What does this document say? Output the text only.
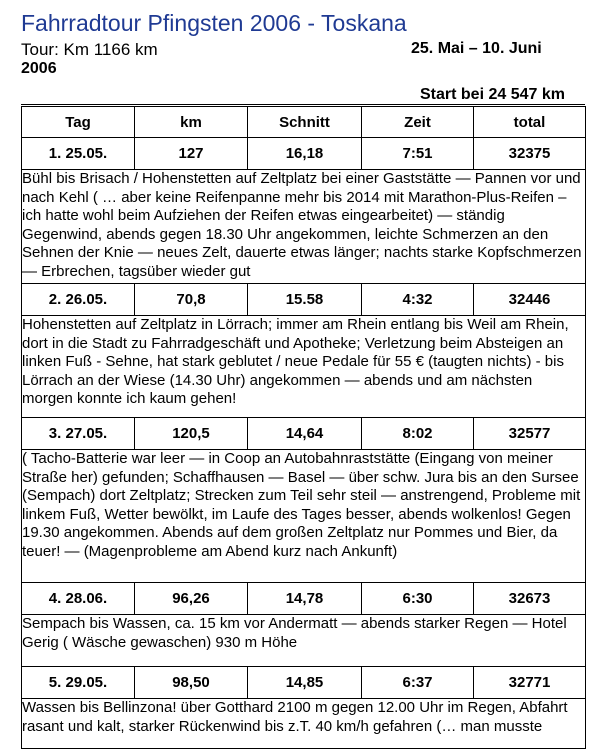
Fahrradtour Pfingsten 2006 - Toskana
Tour: Km 1166 km	25. Mai – 10. Juni
2006
Start bei 24 547 km
Tag	km	Schnitt	Zeit	total
1. 25.05.	127	16,18	7:51	32375
Bühl bis Brisach / Hohenstetten auf Zeltplatz bei einer Gaststätte — Pannen vor und nach Kehl ( … aber keine Reifenpanne mehr bis 2014 mit Marathon-Plus-Reifen – ich hatte wohl beim Aufziehen der Reifen etwas eingearbeitet) — ständig Gegenwind, abends gegen 18.30 Uhr angekommen, leichte Schmerzen an den Sehnen der Knie — neues Zelt, dauerte etwas länger; nachts starke Kopfschmerzen — Erbrechen, tagsüber wieder gut				
2. 26.05.	70,8	15.58	4:32	32446
Hohenstetten auf Zeltplatz in Lörrach; immer am Rhein entlang bis Weil am Rhein, dort in die Stadt zu Fahrradgeschäft und Apotheke; Verletzung beim Absteigen an linken Fuß - Sehne, hat stark geblutet / neue Pedale für 55 € (taugten nichts) - bis Lörrach an der Wiese (14.30 Uhr) angekommen — abends und am nächsten morgen konnte ich kaum gehen!				
3. 27.05.	120,5	14,64	8:02	32577
( Tacho-Batterie war leer — in Coop an Autobahnraststätte (Eingang von meiner Straße her) gefunden; Schaffhausen — Basel — über schw. Jura bis an den Sursee (Sempach) dort Zeltplatz; Strecken zum Teil sehr steil — anstrengend, Probleme mit linkem Fuß, Wetter bewölkt, im Laufe des Tages besser, abends wolkenlos! Gegen 19.30 angekommen. Abends auf dem großen Zeltplatz nur Pommes und Bier, da teuer! — (Magenprobleme am Abend kurz nach Ankunft)				
4. 28.06.	96,26	14,78	6:30	32673
Sempach bis Wassen, ca. 15 km vor Andermatt — abends starker Regen — Hotel Gerig ( Wäsche gewaschen) 930 m Höhe				
5. 29.05.	98,50	14,85	6:37	32771
Wassen bis Bellinzona! über Gotthard 2100 m gegen 12.00 Uhr im Regen, Abfahrt rasant und kalt, starker Rückenwind bis z.T. 40 km/h gefahren (… man musste				
